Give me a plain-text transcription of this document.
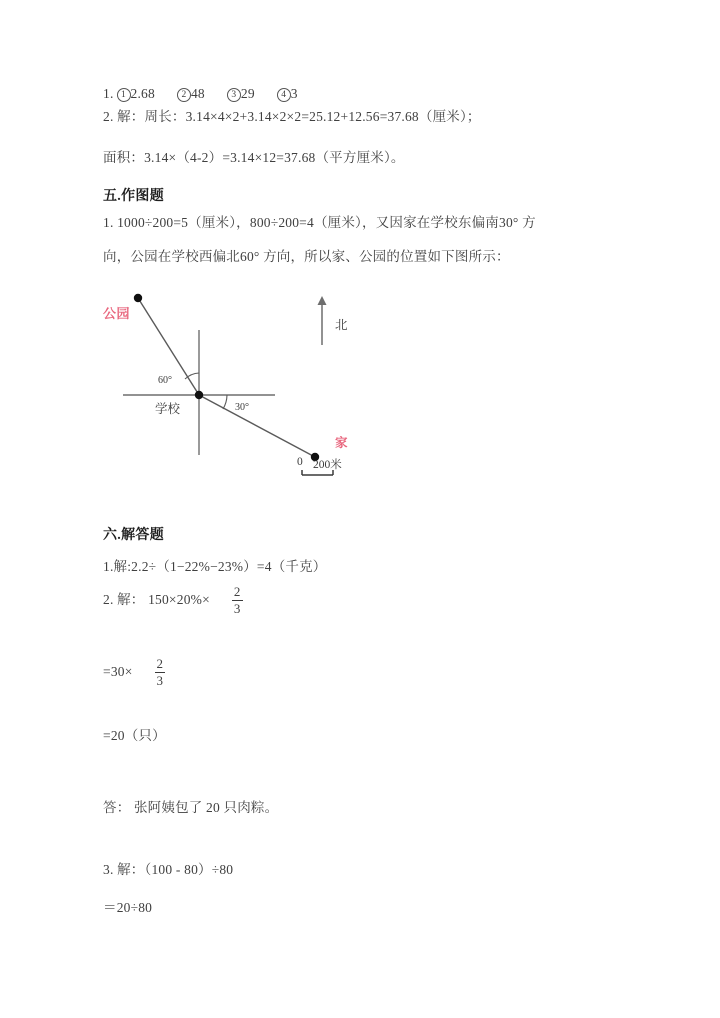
1. 1 2.68	2 48	3 29	4 3
2. 解：周长：3.14×4×2+3.14×2×2=25.12+12.56=37.68（厘米）；
面积：3.14×（4-2）=3.14×12=37.68（平方厘米）。
五.作图题
1. 1000÷200=5（厘米），800÷200=4（厘米），又因家在学校东偏南30° 方
向，公园在学校西偏北60° 方向，所以家、公园的位置如下图所示：
公园
学校
家
北
60°
30°
0 200米
六.解答题
1.解:2.2÷（1−22%−23%）=4（千克）
2. 解： $150\times 20\%\times \frac{2}{3}$
$=30\times \frac{2}{3}$
=20（只）
答： 张阿姨包了 20 只肉粽。
3. 解：（100 - 80）÷80
＝20÷80
